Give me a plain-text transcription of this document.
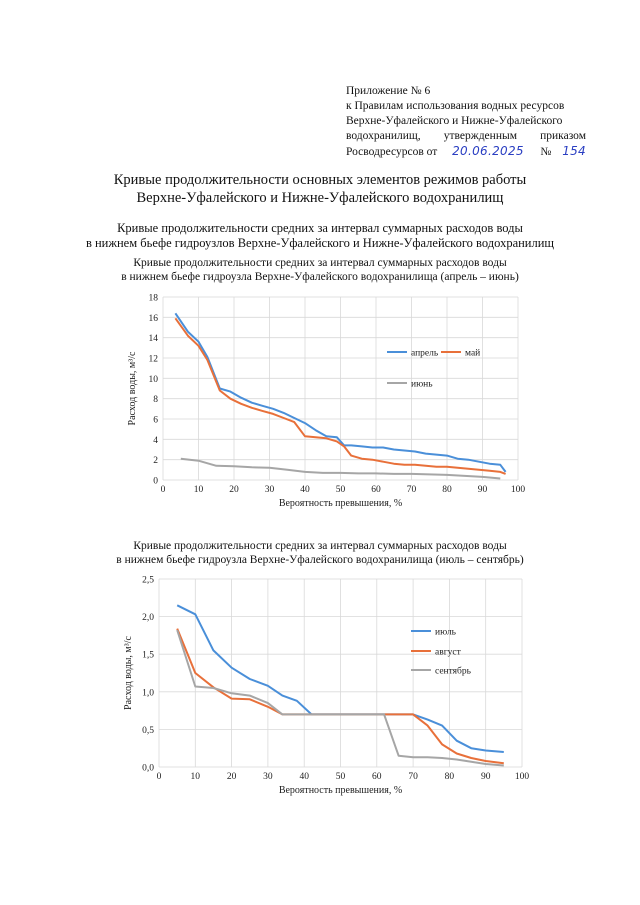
Приложение № 6
к Правилам использования водных ресурсов
Верхне-Уфалейского и Нижне-Уфалейского
водохранилищ, утвержденным приказом
Росводресурсов от 20.06.2025 № 154
Кривые продолжительности основных элементов режимов работы
Верхне-Уфалейского и Нижне-Уфалейского водохранилищ
Кривые продолжительности средних за интервал суммарных расходов воды
в нижнем бьефе гидроузлов Верхне-Уфалейского и Нижне-Уфалейского водохранилищ
Кривые продолжительности средних за интервал суммарных расходов воды
в нижнем бьефе гидроузла Верхне-Уфалейского водохранилища (апрель – июнь)
0
2
4
6
8
10
12
14
16
18
0	10	20	30	40	50	60	70	80	90 100
Вероятность превышения, %
Расход воды, м³/с	апрель	май
июнь
Кривые продолжительности средних за интервал суммарных расходов воды
в нижнем бьефе гидроузла Верхне-Уфалейского водохранилища (июль – сентябрь)
0,0
0,5
1,0
1,5
2,0
2,5
0	10	20	30	40	50	60	70	80	90	100
Вероятность превышения, %
Расход воды, м³/с
июль
август
сентябрь
